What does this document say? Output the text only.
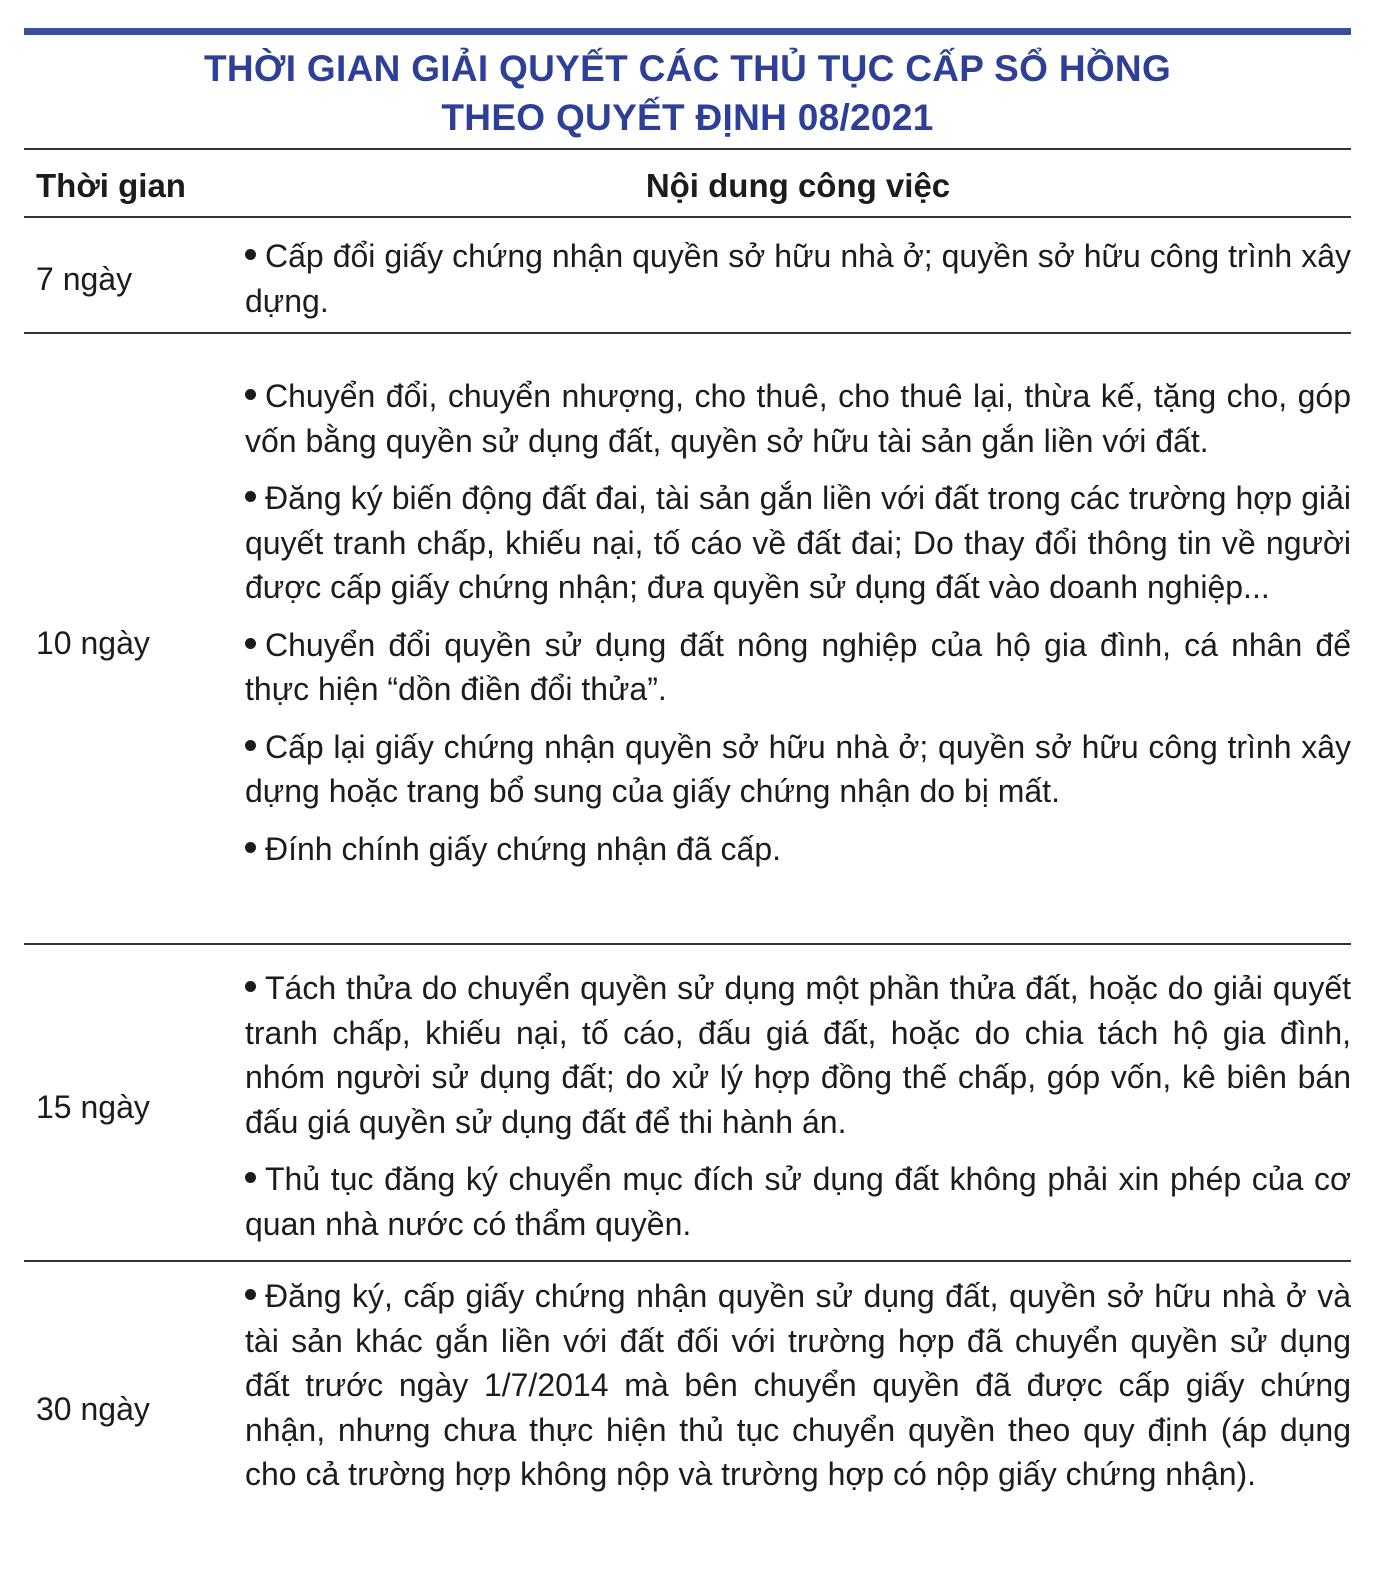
THỜI GIAN GIẢI QUYẾT CÁC THỦ TỤC CẤP SỔ HỒNG
THEO QUYẾT ĐỊNH 08/2021
Thời gian	Nội dung công việc
7 ngày

Cấp đổi giấy chứng nhận quyền sở hữu nhà ở; quyền sở hữu công trình xây dựng.

10 ngày

Chuyển đổi, chuyển nhượng, cho thuê, cho thuê lại, thừa kế, tặng cho, góp vốn bằng quyền sử dụng đất, quyền sở hữu tài sản gắn liền với đất.

Đăng ký biến động đất đai, tài sản gắn liền với đất trong các trường hợp giải quyết tranh chấp, khiếu nại, tố cáo về đất đai; Do thay đổi thông tin về người được cấp giấy chứng nhận; đưa quyền sử dụng đất vào doanh nghiệp...

Chuyển đổi quyền sử dụng đất nông nghiệp của hộ gia đình, cá nhân để thực hiện “dồn điền đổi thửa”.

Cấp lại giấy chứng nhận quyền sở hữu nhà ở; quyền sở hữu công trình xây dựng hoặc trang bổ sung của giấy chứng nhận do bị mất.

Đính chính giấy chứng nhận đã cấp.

15 ngày

Tách thửa do chuyển quyền sử dụng một phần thửa đất, hoặc do giải quyết tranh chấp, khiếu nại, tố cáo, đấu giá đất, hoặc do chia tách hộ gia đình, nhóm người sử dụng đất; do xử lý hợp đồng thế chấp, góp vốn, kê biên bán đấu giá quyền sử dụng đất để thi hành án.

Thủ tục đăng ký chuyển mục đích sử dụng đất không phải xin phép của cơ quan nhà nước có thẩm quyền.

30 ngày

Đăng ký, cấp giấy chứng nhận quyền sử dụng đất, quyền sở hữu nhà ở và tài sản khác gắn liền với đất đối với trường hợp đã chuyển quyền sử dụng đất trước ngày 1/7/2014 mà bên chuyển quyền đã được cấp giấy chứng nhận, nhưng chưa thực hiện thủ tục chuyển quyền theo quy định (áp dụng cho cả trường hợp không nộp và trường hợp có nộp giấy chứng nhận).
